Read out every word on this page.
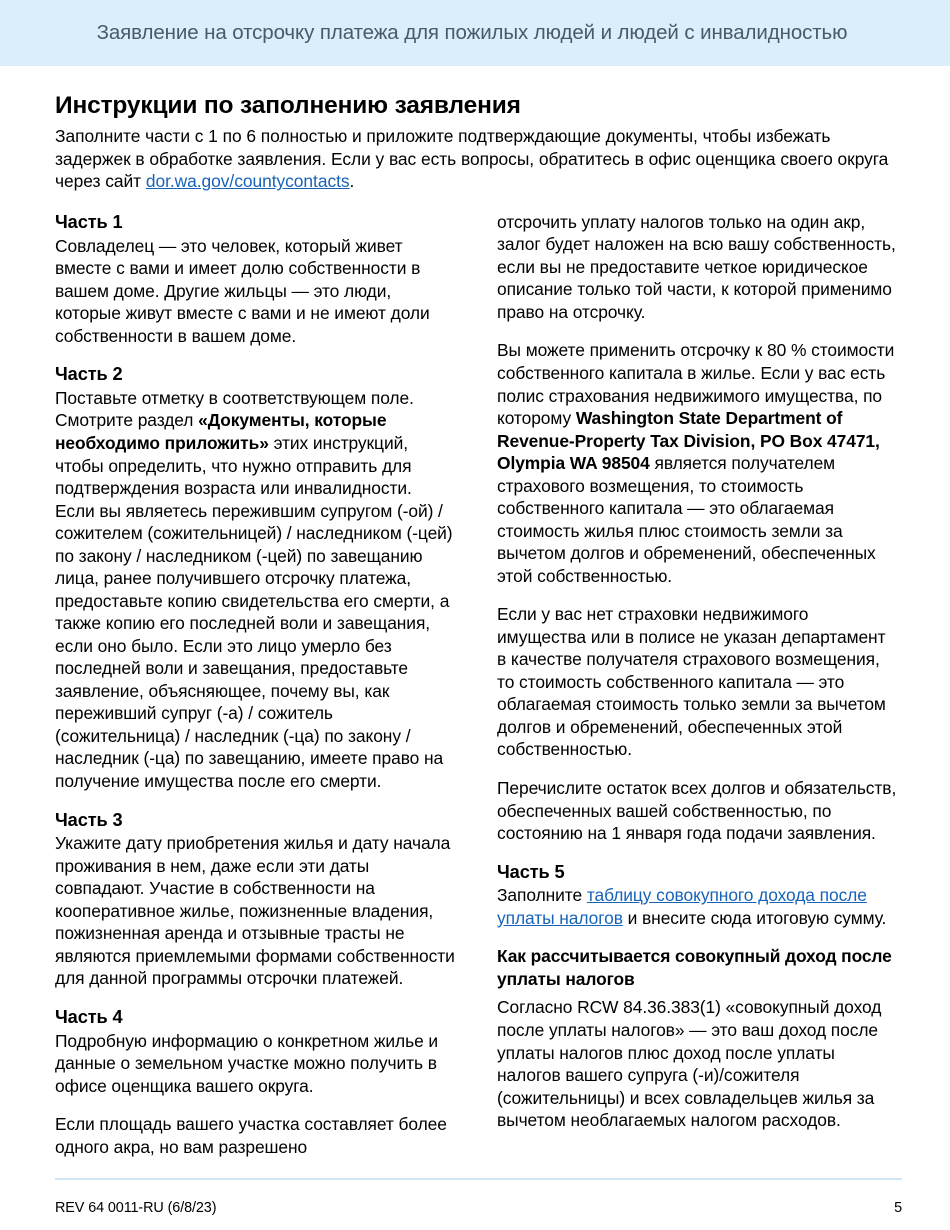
Заявление на отсрочку платежа для пожилых людей и людей с инвалидностью
Инструкции по заполнению заявления

Заполните части с 1 по 6 полностью и приложите подтверждающие документы, чтобы избежать задержек в обработке заявления. Если у вас есть вопросы, обратитесь в офис оценщика своего округа через сайт dor.wa.gov/countycontacts.

Часть 1

Совладелец — это человек, который живет вместе с вами и имеет долю собственности в вашем доме. Другие жильцы — это люди, которые живут вместе с вами и не имеют доли собственности в вашем доме.

Часть 2

Поставьте отметку в соответствующем поле. Смотрите раздел «Документы, которые необходимо приложить» этих инструкций, чтобы определить, что нужно отправить для подтверждения возраста или инвалидности. Если вы являетесь пережившим супругом (-ой) / сожителем (сожительницей) / наследником (-цей) по закону / наследником (-цей) по завещанию лица, ранее получившего отсрочку платежа, предоставьте копию свидетельства его смерти, а также копию его последней воли и завещания, если оно было. Если это лицо умерло без последней воли и завещания, предоставьте заявление, объясняющее, почему вы, как переживший супруг (-а) / сожитель (сожительница) / наследник (-ца) по закону / наследник (-ца) по завещанию, имеете право на получение имущества после его смерти.

Часть 3

Укажите дату приобретения жилья и дату начала проживания в нем, даже если эти даты совпадают. Участие в собственности на кооперативное жилье, пожизненные владения, пожизненная аренда и отзывные трасты не являются приемлемыми формами собственности для данной программы отсрочки платежей.

Часть 4

Подробную информацию о конкретном жилье и данные о земельном участке можно получить в офисе оценщика вашего округа.

Если площадь вашего участка составляет более одного акра, но вам разрешено

отсрочить уплату налогов только на один акр, залог будет наложен на всю вашу собственность, если вы не предоставите четкое юридическое описание только той части, к которой применимо право на отсрочку.

Вы можете применить отсрочку к 80 % стоимости собственного капитала в жилье. Если у вас есть полис страхования недвижимого имущества, по которому Washington State Department of Revenue-Property Tax Division, PO Box 47471, Olympia WA 98504 является получателем страхового возмещения, то стоимость собственного капитала — это облагаемая стоимость жилья плюс стоимость земли за вычетом долгов и обременений, обеспеченных этой собственностью.

Если у вас нет страховки недвижимого имущества или в полисе не указан департамент в качестве получателя страхового возмещения, то стоимость собственного капитала — это облагаемая стоимость только земли за вычетом долгов и обременений, обеспеченных этой собственностью.

Перечислите остаток всех долгов и обязательств, обеспеченных вашей собственностью, по состоянию на 1 января года подачи заявления.

Часть 5

Заполните таблицу совокупного дохода после уплаты налогов и внесите сюда итоговую сумму.

Как рассчитывается совокупный доход после уплаты налогов

Согласно RCW 84.36.383(1) «совокупный доход после уплаты налогов» — это ваш доход после уплаты налогов плюс доход после уплаты налогов вашего супруга (-и)/сожителя (сожительницы) и всех совладельцев жилья за вычетом необлагаемых налогом расходов.

REV 64 0011-RU (6/8/23)	5
